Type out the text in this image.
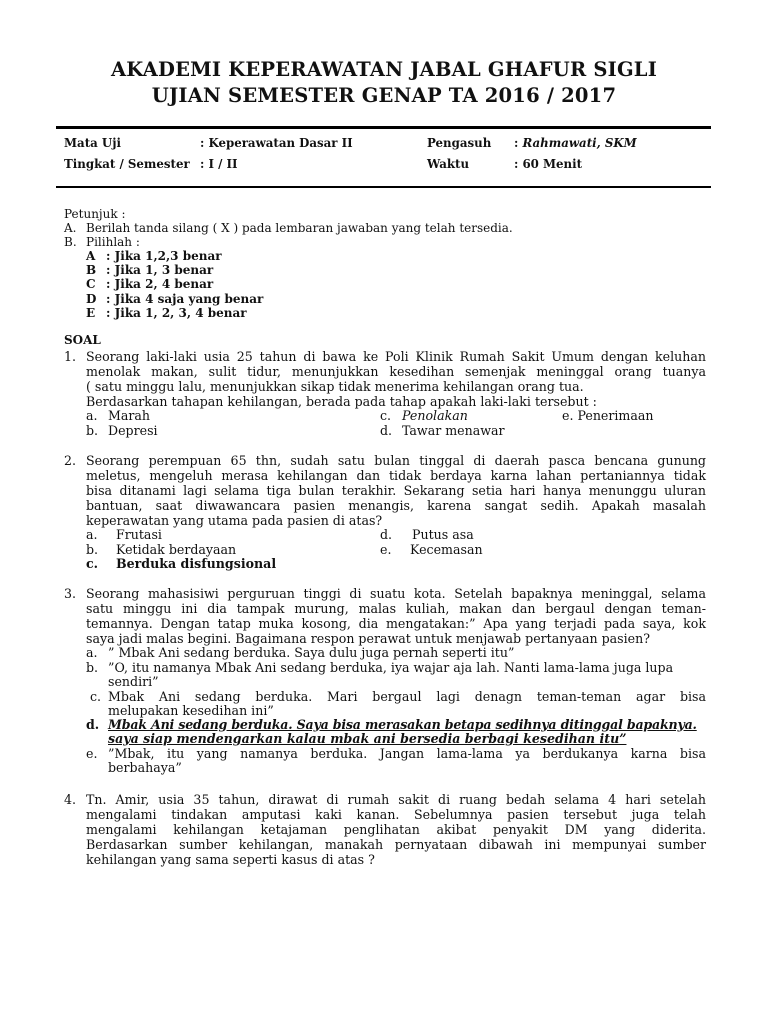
AKADEMI KEPERAWATAN JABAL GHAFUR SIGLI
UJIAN SEMESTER GENAP TA 2016 / 2017
Mata Uji	: Keperawatan Dasar II	Pengasuh : Rahmawati, SKM
Tingkat / Semester : I / II	Waktu	: 60 Menit
Petunjuk :
A. Berilah tanda silang ( X ) pada lembaran jawaban yang telah tersedia.
B. Pilihlah :
A : Jika 1,2,3 benar
B : Jika 1, 3 benar
C : Jika 2, 4 benar
D : Jika 4 saja yang benar
E : Jika 1, 2, 3, 4 benar
SOAL
1. Seorang laki-laki usia 25 tahun di bawa ke Poli Klinik Rumah Sakit Umum dengan keluhan
menolak makan, sulit tidur, menunjukkan kesedihan semenjak meninggal orang tuanya
( satu minggu lalu, menunjukkan sikap tidak menerima kehilangan orang tua.
Berdasarkan tahapan kehilangan, berada pada tahap apakah laki-laki tersebut :
a. Marah	c. Penolakan	e. Penerimaan
b. Depresi	d. Tawar menawar
2. Seorang perempuan 65 thn, sudah satu bulan tinggal di daerah pasca bencana gunung
meletus, mengeluh merasa kehilangan dan tidak berdaya karna lahan pertaniannya tidak
bisa ditanami lagi selama tiga bulan terakhir. Sekarang setia hari hanya menunggu uluran
bantuan, saat diwawancara pasien menangis, karena sangat sedih. Apakah masalah
keperawatan yang utama pada pasien di atas?
a. Frutasi	d. Putus asa
b. Ketidak berdayaan	e. Kecemasan
c. Berduka disfungsional
3. Seorang mahasisiwi perguruan tinggi di suatu kota. Setelah bapaknya meninggal, selama
satu minggu ini dia tampak murung, malas kuliah, makan dan bergaul dengan teman-
temannya. Dengan tatap muka kosong, dia mengatakan:” Apa yang terjadi pada saya, kok
saya jadi malas begini. Bagaimana respon perawat untuk menjawab pertanyaan pasien?
a. ” Mbak Ani sedang berduka. Saya dulu juga pernah seperti itu”
b. ”O, itu namanya Mbak Ani sedang berduka, iya wajar aja lah. Nanti lama-lama juga lupa
sendiri”
c. Mbak Ani sedang berduka. Mari bergaul lagi denagn teman-teman agar bisa
melupakan kesedihan ini”
d. Mbak Ani sedang berduka. Saya bisa merasakan betapa sedihnya ditinggal bapaknya.
saya siap mendengarkan kalau mbak ani bersedia berbagi kesedihan itu”
e. ”Mbak, itu yang namanya berduka. Jangan lama-lama ya berdukanya karna bisa
berbahaya”
4. Tn. Amir, usia 35 tahun, dirawat di rumah sakit di ruang bedah selama 4 hari setelah
mengalami tindakan amputasi kaki kanan. Sebelumnya pasien tersebut juga telah
mengalami kehilangan ketajaman penglihatan akibat penyakit DM yang diderita.
Berdasarkan sumber kehilangan, manakah pernyataan dibawah ini mempunyai sumber
kehilangan yang sama seperti kasus di atas ?
